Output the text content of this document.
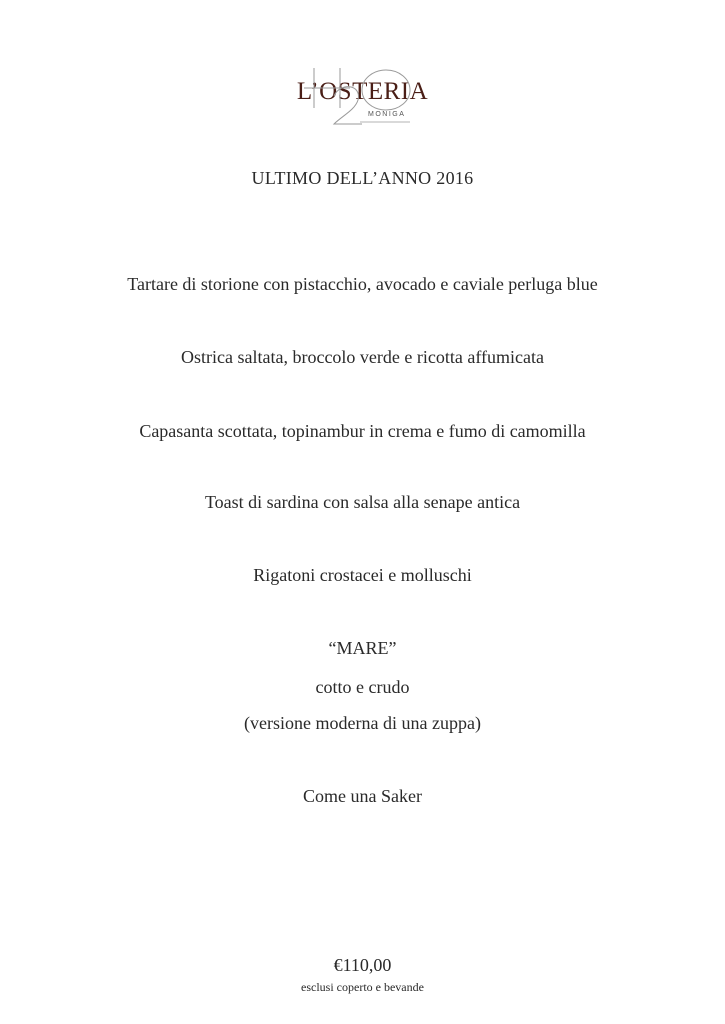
L’OSTERIA
MONIGA
ULTIMO DELL’ANNO 2016
Tartare di storione con pistacchio, avocado e caviale perluga blue
Ostrica saltata, broccolo verde e ricotta affumicata
Capasanta scottata, topinambur in crema e fumo di camomilla
Toast di sardina con salsa alla senape antica
Rigatoni crostacei e molluschi
“MARE”
cotto e crudo
(versione moderna di una zuppa)
Come una Saker
€110,00
esclusi coperto e bevande
